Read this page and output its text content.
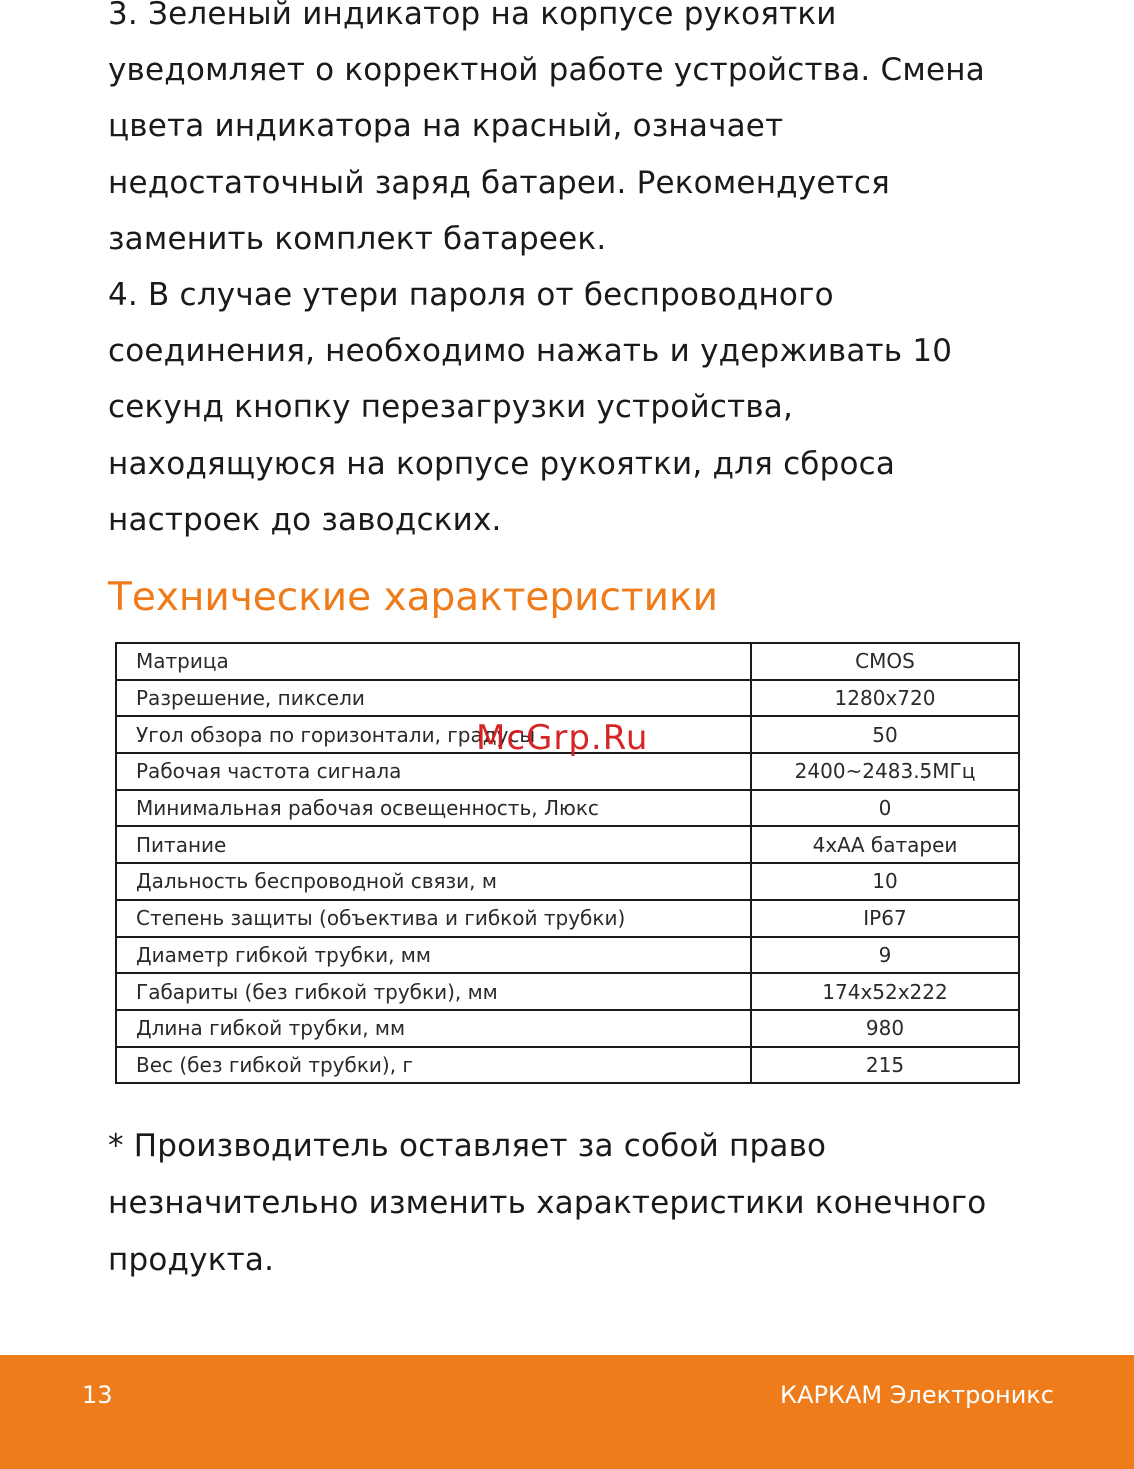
3. Зеленый индикатор на корпусе рукоятки
уведомляет о корректной работе устройства. Смена
цвета индикатора на красный, означает
недостаточный заряд батареи. Рекомендуется
заменить комплект батареек.

4. В случае утери пароля от беспроводного
соединения, необходимо нажать и удерживать 10
секунд кнопку перезагрузки устройства,
находящуюся на корпусе рукоятки, для сброса
настроек до заводских.

Технические характеристики
Матрица	CMOS
Разрешение, пиксели	1280x720
Угол обзора по горизонтали, градусы	50
Рабочая частота сигнала	2400~2483.5МГц
Минимальная рабочая освещенность, Люкс	0
Питание	4хАА батареи
Дальность беспроводной связи, м	10
Степень защиты (объектива и гибкой трубки)	IP67
Диаметр гибкой трубки, мм	9
Габариты (без гибкой трубки), мм	174x52x222
Длина гибкой трубки, мм	980
Вес (без гибкой трубки), г	215
McGrp.Ru

* Производитель оставляет за собой право
незначительно изменить характеристики конечного
продукта.

13	КАРКАМ Электроникс
